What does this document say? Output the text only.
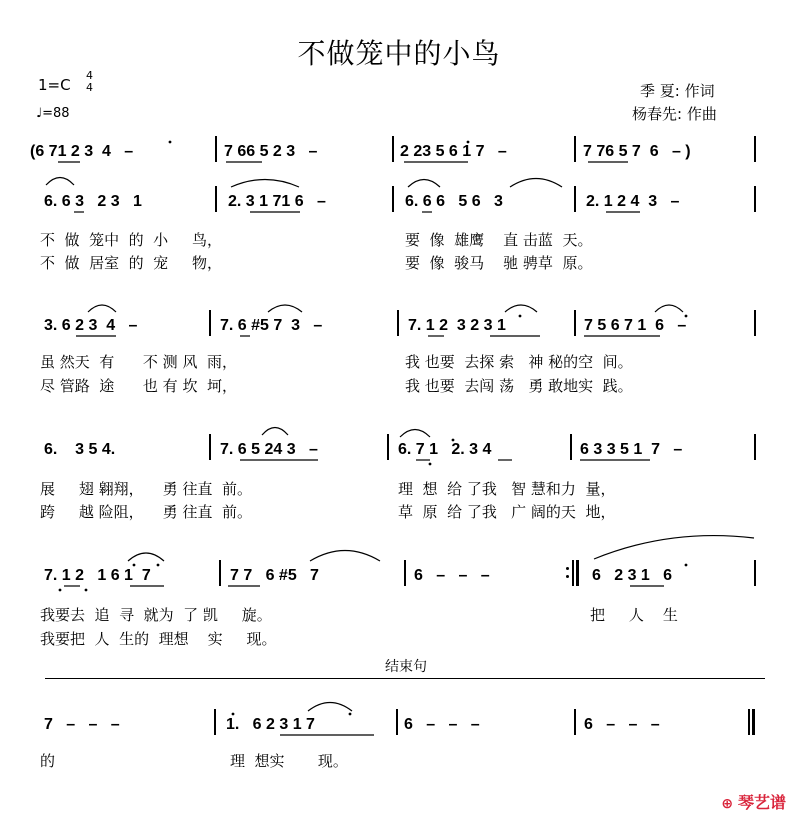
不做笼中的小鸟
1=C
4
4
♩=88
季 夏: 作词
杨春先: 作曲
(6 71 2 3  4   –	7 66 5 2 3   –	2 23 5 6 1 7   –	7 76 5 7  6   – )
6. 6 3   2 3   1	2. 3 1 71 6   –	6. 6 6   5 6   3	2. 1 2 4  3   –
不  做  笼中  的  小     鸟，	要  像  雄鹰    直 击蓝  天。
不  做  居室  的  宠     物，	要  像  骏马    驰 骋草  原。
3. 6 2 3  4   –	7. 6 #5 7  3   –	7. 1 2  3 2 3 1	7 5 6 7 1  6   –
虽 然天  有      不 测 风  雨，	我 也要  去探 索   神 秘的空  间。
尽 管路  途      也 有 坎  坷，	我 也要  去闯 荡   勇 敢地实  践。
6.    3 5 4.	7. 6 5 24 3   –	6. 7 1   2. 3 4	6 3 3 5 1  7   –
展     翅 翱翔，    勇 往直  前。	理  想  给 了我   智 慧和力  量，
跨     越 险阻，    勇 往直  前。	草  原  给 了我   广 阔的天  地，
7. 1 2   1 6 1  7	7 7   6 #5   7	6   –   –   –	6   2 3 1   6
我要去  追  寻  就为  了 凯     旋。	把     人    生
我要把  人  生的  理想    实     现。
结束句
7   –   –   –	1.   6 2 3 1 7	6   –   –   –	6   –   –   –
的	理  想实       现。
⊕ 琴艺谱
